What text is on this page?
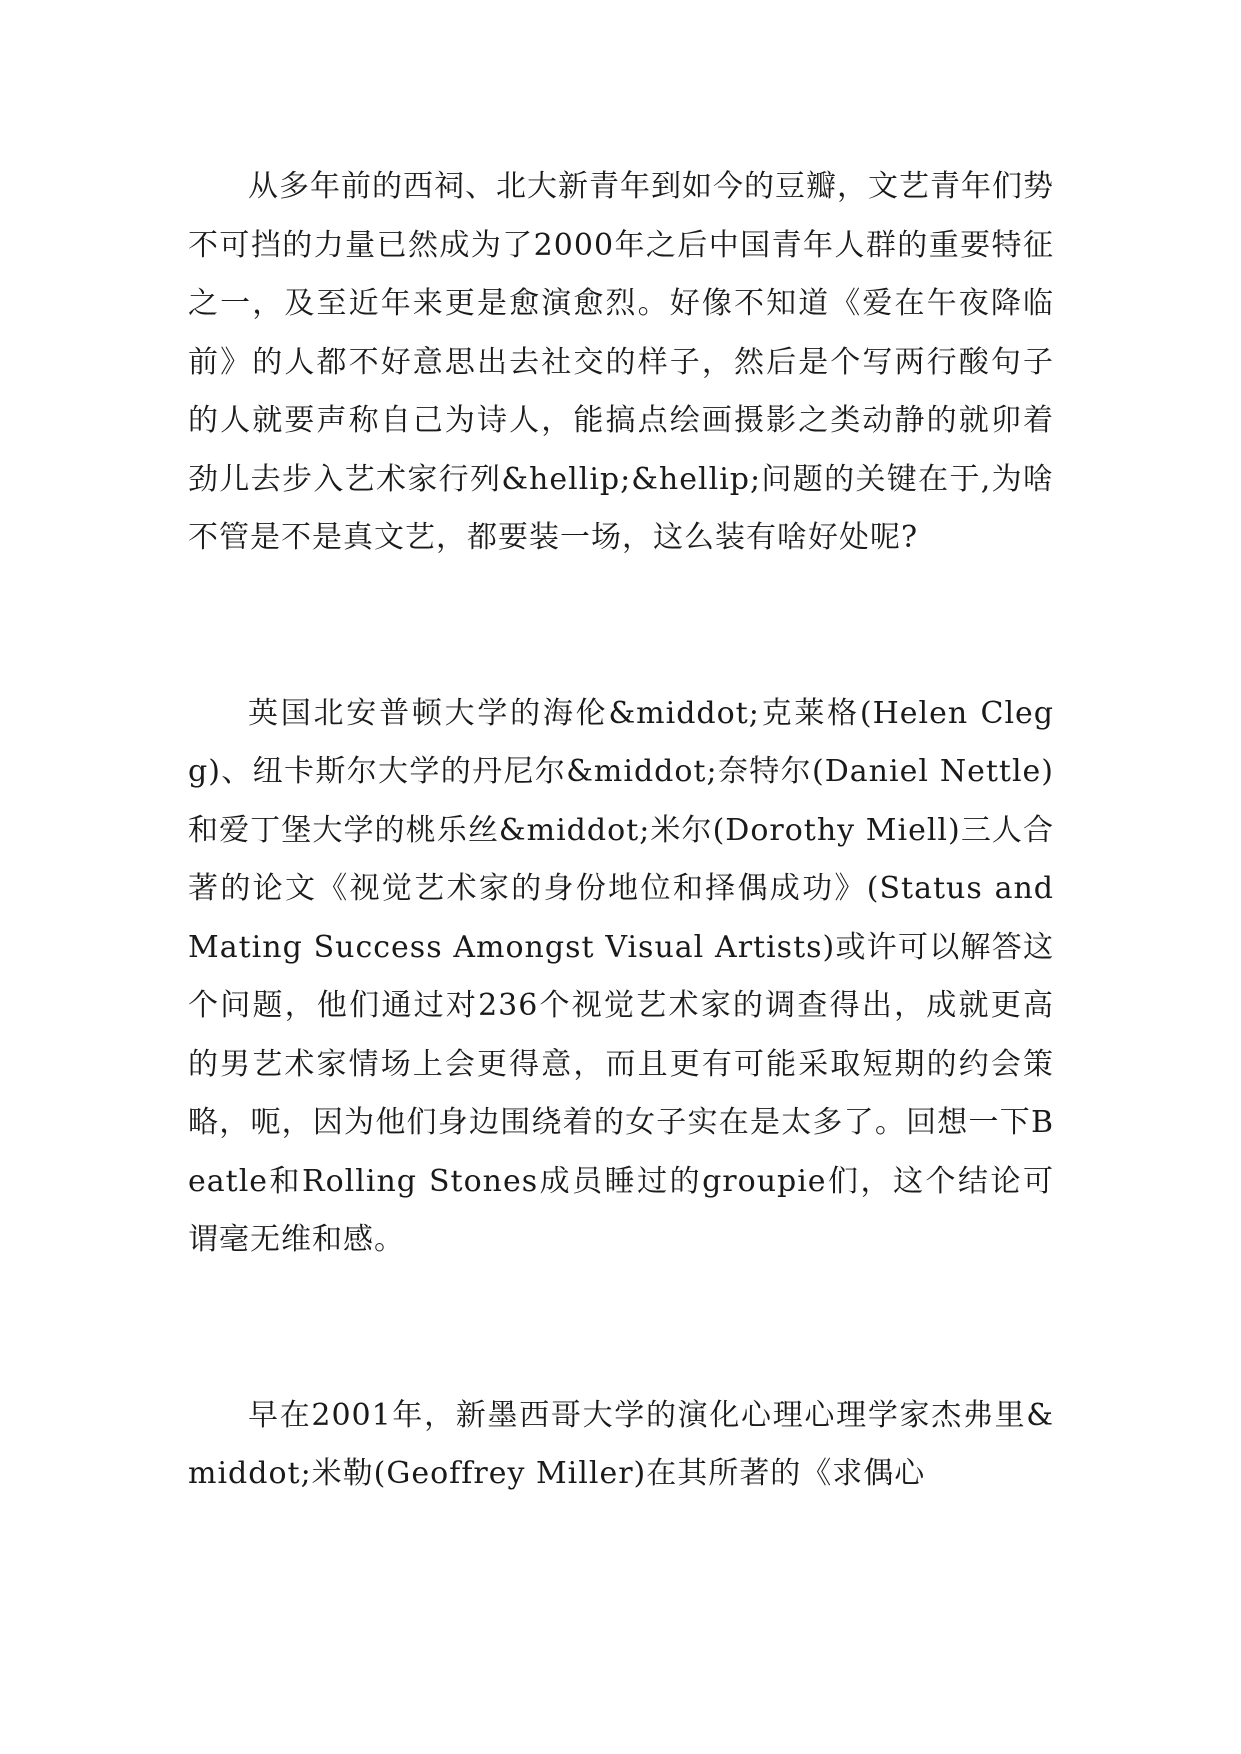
从多年前的西祠、北大新青年到如今的豆瓣，文艺青年们势不可挡的力量已然成为了2000年之后中国青年人群的重要特征之一，及至近年来更是愈演愈烈。好像不知道《爱在午夜降临前》的人都不好意思出去社交的样子，然后是个写两行酸句子的人就要声称自己为诗人，能搞点绘画摄影之类动静的就卯着劲儿去步入艺术家行列&hellip;&hellip;问题的关键在于,为啥不管是不是真文艺，都要装一场，这么装有啥好处呢?

英国北安普顿大学的海伦&middot;克莱格(Helen Clegg)、纽卡斯尔大学的丹尼尔&middot;奈特尔(Daniel Nettle)和爱丁堡大学的桃乐丝&middot;米尔(Dorothy Miell)三人合著的论文《视觉艺术家的身份地位和择偶成功》(Status and Mating Success Amongst Visual Artists)或许可以解答这个问题，他们通过对236个视觉艺术家的调查得出，成就更高的男艺术家情场上会更得意，而且更有可能采取短期的约会策略，呃，因为他们身边围绕着的女子实在是太多了。回想一下Beatle和Rolling Stones成员睡过的groupie们，这个结论可谓毫无维和感。

早在2001年，新墨西哥大学的演化心理心理学家杰弗里&middot;米勒(Geoffrey Miller)在其所著的《求偶心
